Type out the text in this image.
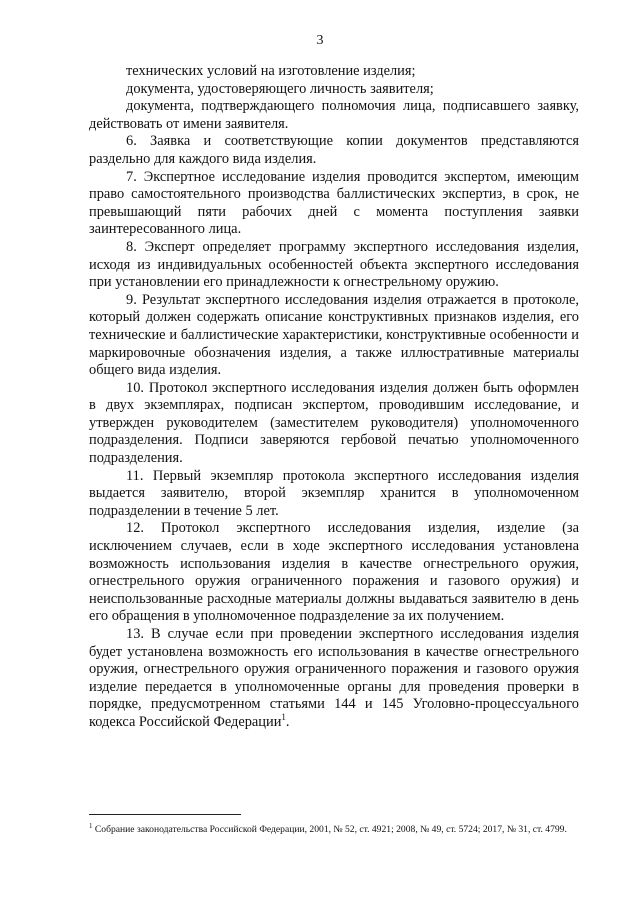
3

технических условий на изготовление изделия;

документа, удостоверяющего личность заявителя;

документа, подтверждающего полномочия лица, подписавшего заявку, действовать от имени заявителя.

6. Заявка и соответствующие копии документов представляются раздельно для каждого вида изделия.

7. Экспертное исследование изделия проводится экспертом, имеющим право самостоятельного производства баллистических экспертиз, в срок, не превышающий пяти рабочих дней с момента поступления заявки заинтересованного лица.

8. Эксперт определяет программу экспертного исследования изделия, исходя из индивидуальных особенностей объекта экспертного исследования при установлении его принадлежности к огнестрельному оружию.

9. Результат экспертного исследования изделия отражается в протоколе, который должен содержать описание конструктивных признаков изделия, его технические и баллистические характеристики, конструктивные особенности и маркировочные обозначения изделия, а также иллюстративные материалы общего вида изделия.

10. Протокол экспертного исследования изделия должен быть оформлен в двух экземплярах, подписан экспертом, проводившим исследование, и утвержден руководителем (заместителем руководителя) уполномоченного подразделения. Подписи заверяются гербовой печатью уполномоченного подразделения.

11. Первый экземпляр протокола экспертного исследования изделия выдается заявителю, второй экземпляр хранится в уполномоченном подразделении в течение 5 лет.

12. Протокол экспертного исследования изделия, изделие (за исключением случаев, если в ходе экспертного исследования установлена возможность использования изделия в качестве огнестрельного оружия, огнестрельного оружия ограниченного поражения и газового оружия) и неиспользованные расходные материалы должны выдаваться заявителю в день его обращения в уполномоченное подразделение за их получением.

13. В случае если при проведении экспертного исследования изделия будет установлена возможность его использования в качестве огнестрельного оружия, огнестрельного оружия ограниченного поражения и газового оружия изделие передается в уполномоченные органы для проведения проверки в порядке, предусмотренном статьями 144 и 145 Уголовно-процессуального кодекса Российской Федерации$^1$.

$^1$ Собрание законодательства Российской Федерации, 2001, № 52, ст. 4921; 2008, № 49, ст. 5724; 2017, № 31, ст. 4799.
